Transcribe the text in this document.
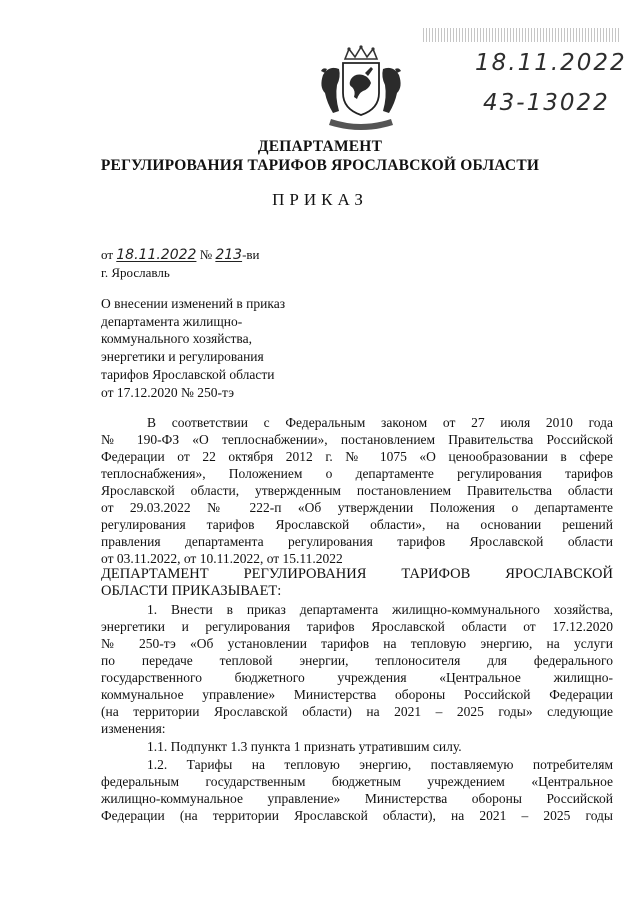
18.11.2022
43-13022
ДЕПАРТАМЕНТ
РЕГУЛИРОВАНИЯ ТАРИФОВ ЯРОСЛАВСКОЙ ОБЛАСТИ
ПРИКАЗ
от 18.11.2022 № 213-ви
г. Ярославль
О внесении изменений в приказ
департамента жилищно-
коммунального хозяйства,
энергетики и регулирования
тарифов Ярославской области
от 17.12.2020 № 250-тэ
В соответствии с Федеральным законом от 27 июля 2010 года
№ 190-ФЗ «О теплоснабжении», постановлением Правительства Российской
Федерации от 22 октября 2012 г. № 1075 «О ценообразовании в сфере
теплоснабжения», Положением о департаменте регулирования тарифов
Ярославской области, утвержденным постановлением Правительства области
от 29.03.2022 № 222-п «Об утверждении Положения о департаменте
регулирования тарифов Ярославской области», на основании решений
правления департамента регулирования тарифов Ярославской области
от 03.11.2022, от 10.11.2022, от 15.11.2022
ДЕПАРТАМЕНТ РЕГУЛИРОВАНИЯ ТАРИФОВ ЯРОСЛАВСКОЙ
ОБЛАСТИ ПРИКАЗЫВАЕТ:
1. Внести в приказ департамента жилищно-коммунального хозяйства,
энергетики и регулирования тарифов Ярославской области от 17.12.2020
№ 250-тэ «Об установлении тарифов на тепловую энергию, на услуги
по передаче тепловой энергии, теплоносителя для федерального
государственного бюджетного учреждения «Центральное жилищно-
коммунальное управление» Министерства обороны Российской Федерации
(на территории Ярославской области) на 2021 – 2025 годы» следующие
изменения:
1.1. Подпункт 1.3 пункта 1 признать утратившим силу.
1.2. Тарифы на тепловую энергию, поставляемую потребителям
федеральным государственным бюджетным учреждением «Центральное
жилищно-коммунальное управление» Министерства обороны Российской
Федерации (на территории Ярославской области), на 2021 – 2025 годы
